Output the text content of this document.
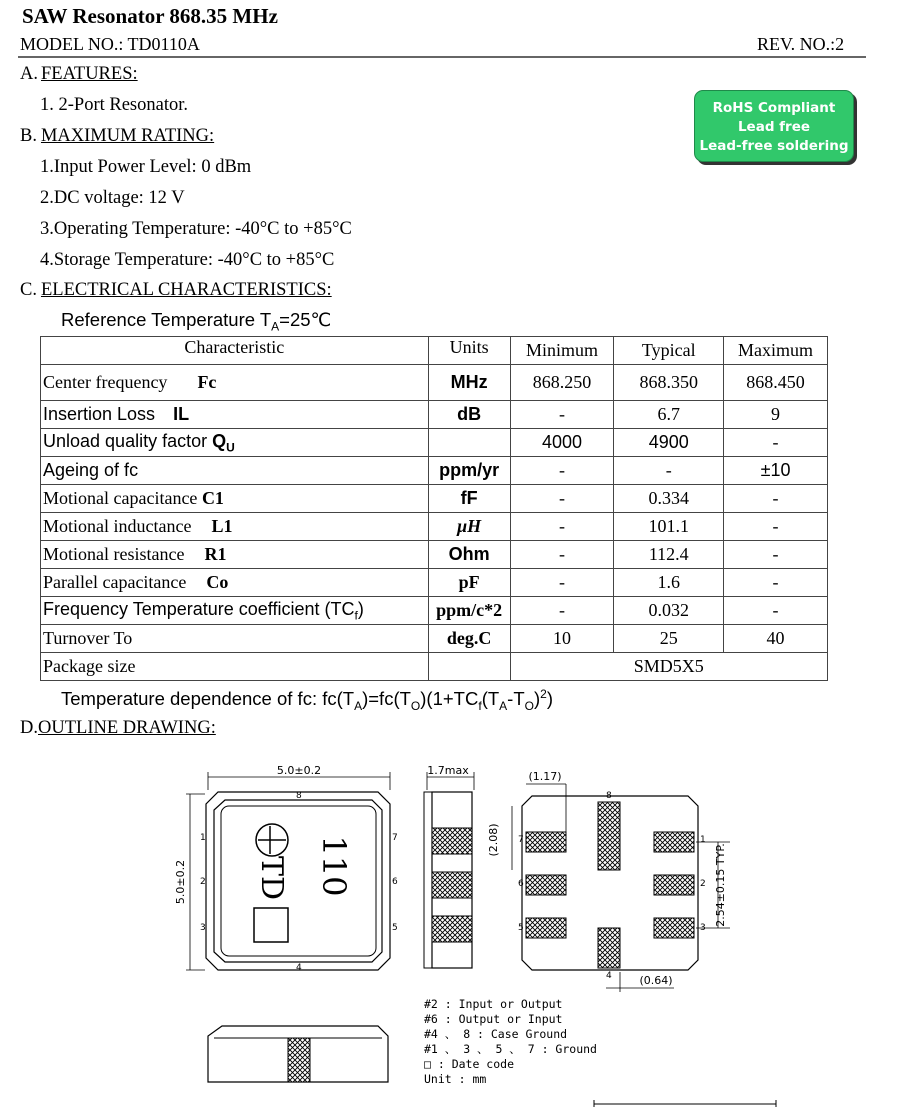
SAW Resonator 868.35 MHz
MODEL NO.: TD0110A	REV. NO.:2
A. FEATURES:
1. 2-Port Resonator.	RoHS Compliant
Lead free
Lead-free soldering
B. MAXIMUM RATING:
1.Input Power Level: 0 dBm
2.DC voltage: 12 V
3.Operating Temperature: -40°C to +85°C
4.Storage Temperature: -40°C to +85°C
C. ELECTRICAL CHARACTERISTICS:
Reference Temperature $T_A=25℃$
Characteristic	Units	Minimum	Typical	Maximum
Center frequency Fc	MHz	868.250	868.350	868.450
Insertion Loss IL	dB	-	6.7	9
Unload quality factor $Q_U$		4000	4900	-
Ageing of fc	ppm/yr	-	-	±10
Motional capacitance C1	fF	-	0.334	-
Motional inductance L1	μH	-	101.1	-
Motional resistance R1	Ohm	-	112.4	-
Parallel capacitance Co	pF	-	1.6	-
Frequency Temperature coefficient $(TC_f)$	ppm/c*2	-	0.032	-
Turnover To	deg.C	10	25	40
Package size		SMD5X5		
Temperature dependence of fc: $fc(T_A)=fc(T_O)(1+TC_f(T_A-T_O)^2)$
D.OUTLINE DRAWING:
5.0±0.2
5.0±0.2 TD 110
1
2
3
4
5
6
7
8
1.7max	(1.17)
(2.08) 7
6
5
1
2
3
8
4
2.54±0.15 TYP.
(0.64)
#2 : Input or Output
#6 : Output or Input
#4 、 8 : Case Ground
#1 、 3 、 5 、 7 : Ground
□ : Date code
Unit : mm
